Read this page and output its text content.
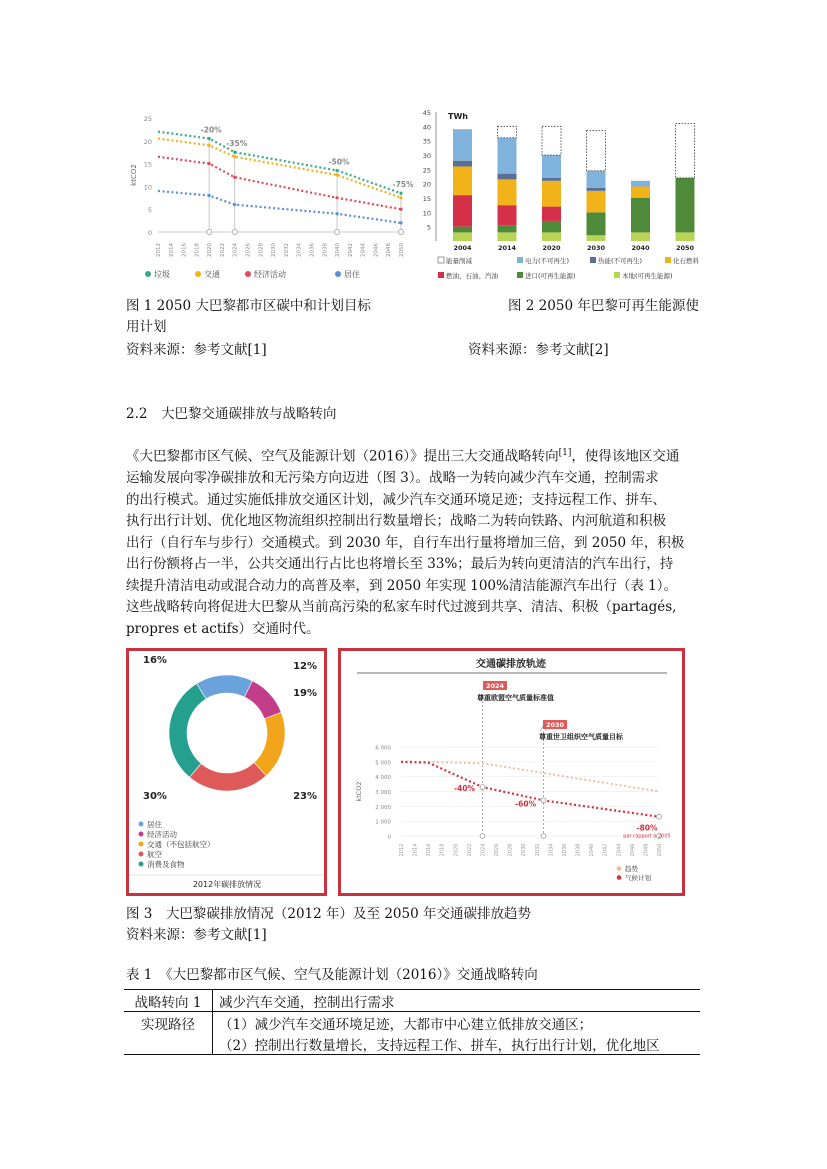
0
5
10
15
20
25
ktCO2
2012 2014 2016 2018 2020 2022 2024 2026 2028 2030 2032 2034 2036 2038 2040 2042 2044 2046 2048 2050
-20%
-35%
-50%
-75%
垃圾	交通	经济活动	居住
TWh
5
10
15
20
25
30
35
40
45
2004	2014	2020	2030	2040	2050
能量削减	电力(不可再生)	热能(不可再生)	化石燃料
燃油、石油、汽油	进口(可再生能源)	本地(可再生能源)
图 1 2050 大巴黎都市区碳中和计划目标	图 2 2050 年巴黎可再生能源使
用计划
资料来源：参考文献[1]	资料来源：参考文献[2]
2.2　大巴黎交通碳排放与战略转向

《大巴黎都市区气候、空气及能源计划（2016）》提出三大交通战略转向[1]，使得该地区交通

运输发展向零净碳排放和无污染方向迈进（图 3）。战略一为转向减少汽车交通，控制需求

的出行模式。通过实施低排放交通区计划，减少汽车交通环境足迹；支持远程工作、拼车、

执行出行计划、优化地区物流组织控制出行数量增长；战略二为转向铁路、内河航道和积极

出行（自行车与步行）交通模式。到 2030 年，自行车出行量将增加三倍，到 2050 年，积极

出行份额将占一半，公共交通出行占比也将增长至 33%；最后为转向更清洁的汽车出行，持

续提升清洁电动或混合动力的高普及率，到 2050 年实现 100%清洁能源汽车出行（表 1）。

这些战略转向将促进大巴黎从当前高污染的私家车时代过渡到共享、清洁、积极（partagés,

propres et actifs）交通时代。

16%
12%
19%
23%
30%
居住
经济活动
交通（不包括航空）
航空
消费及食物
2012年碳排放情况
交通碳排放轨迹
0
1 000
2 000
3 000
4 000
5 000
6 000
ktCO2
2012 2014 2016 2018 2020 2022 2024 2026 2028 2030 2032 2034 2036 2038 2040 2042 2044 2046 2048 2050
2024
尊重欧盟空气质量标准值
2030
尊重世卫组织空气质量目标
-40%
-60%
-80%
par rapport à 2005
趋势
气候计划
图 3　大巴黎碳排放情况（2012 年）及至 2050 年交通碳排放趋势
资料来源：参考文献[1]
表 1　《大巴黎都市区气候、空气及能源计划（2016）》交通战略转向
战略转向 1	减少汽车交通，控制出行需求
实现路径	（1）减少汽车交通环境足迹，大都市中心建立低排放交通区；
	（2）控制出行数量增长，支持远程工作、拼车，执行出行计划，优化地区
